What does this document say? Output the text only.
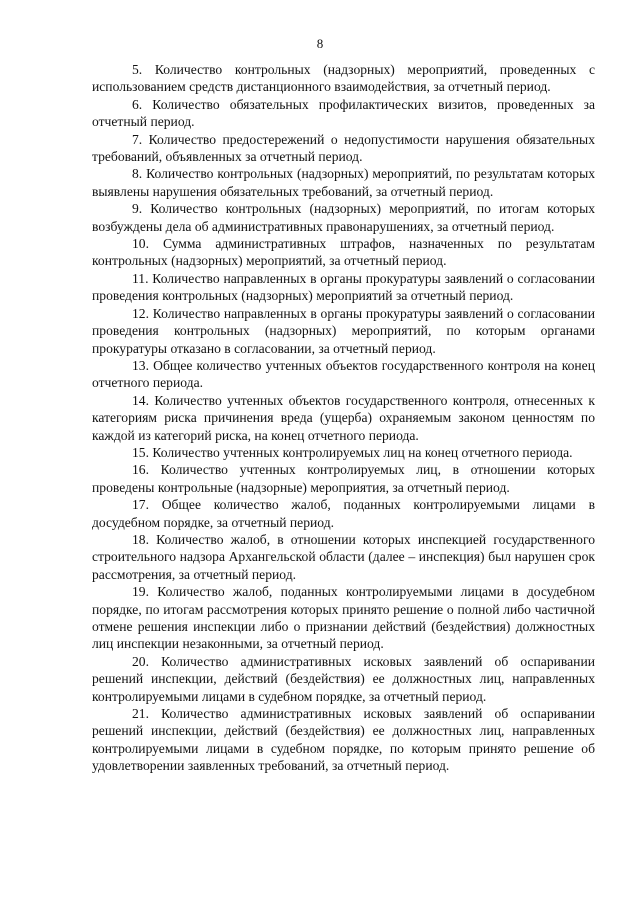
8

5. Количество контрольных (надзорных) мероприятий, проведенных с использованием средств дистанционного взаимодействия, за отчетный период.

6. Количество обязательных профилактических визитов, проведенных за отчетный период.

7. Количество предостережений о недопустимости нарушения обязательных требований, объявленных за отчетный период.

8. Количество контрольных (надзорных) мероприятий, по результатам которых выявлены нарушения обязательных требований, за отчетный период.

9. Количество контрольных (надзорных) мероприятий, по итогам которых возбуждены дела об административных правонарушениях, за отчетный период.

10. Сумма административных штрафов, назначенных по результатам контрольных (надзорных) мероприятий, за отчетный период.

11. Количество направленных в органы прокуратуры заявлений о согласовании проведения контрольных (надзорных) мероприятий за отчетный период.

12. Количество направленных в органы прокуратуры заявлений о согласовании проведения контрольных (надзорных) мероприятий, по которым органами прокуратуры отказано в согласовании, за отчетный период.

13. Общее количество учтенных объектов государственного контроля на конец отчетного периода.

14. Количество учтенных объектов государственного контроля, отнесенных к категориям риска причинения вреда (ущерба) охраняемым законом ценностям по каждой из категорий риска, на конец отчетного периода.

15. Количество учтенных контролируемых лиц на конец отчетного периода.

16. Количество учтенных контролируемых лиц, в отношении которых проведены контрольные (надзорные) мероприятия, за отчетный период.

17. Общее количество жалоб, поданных контролируемыми лицами в досудебном порядке, за отчетный период.

18. Количество жалоб, в отношении которых инспекцией государственного строительного надзора Архангельской области (далее – инспекция) был нарушен срок рассмотрения, за отчетный период.

19. Количество жалоб, поданных контролируемыми лицами в досудебном порядке, по итогам рассмотрения которых принято решение о полной либо частичной отмене решения инспекции либо о признании действий (бездействия) должностных лиц инспекции незаконными, за отчетный период.

20. Количество административных исковых заявлений об оспаривании решений инспекции, действий (бездействия) ее должностных лиц, направленных контролируемыми лицами в судебном порядке, за отчетный период.

21. Количество административных исковых заявлений об оспаривании решений инспекции, действий (бездействия) ее должностных лиц, направленных контролируемыми лицами в судебном порядке, по которым принято решение об удовлетворении заявленных требований, за отчетный период.
